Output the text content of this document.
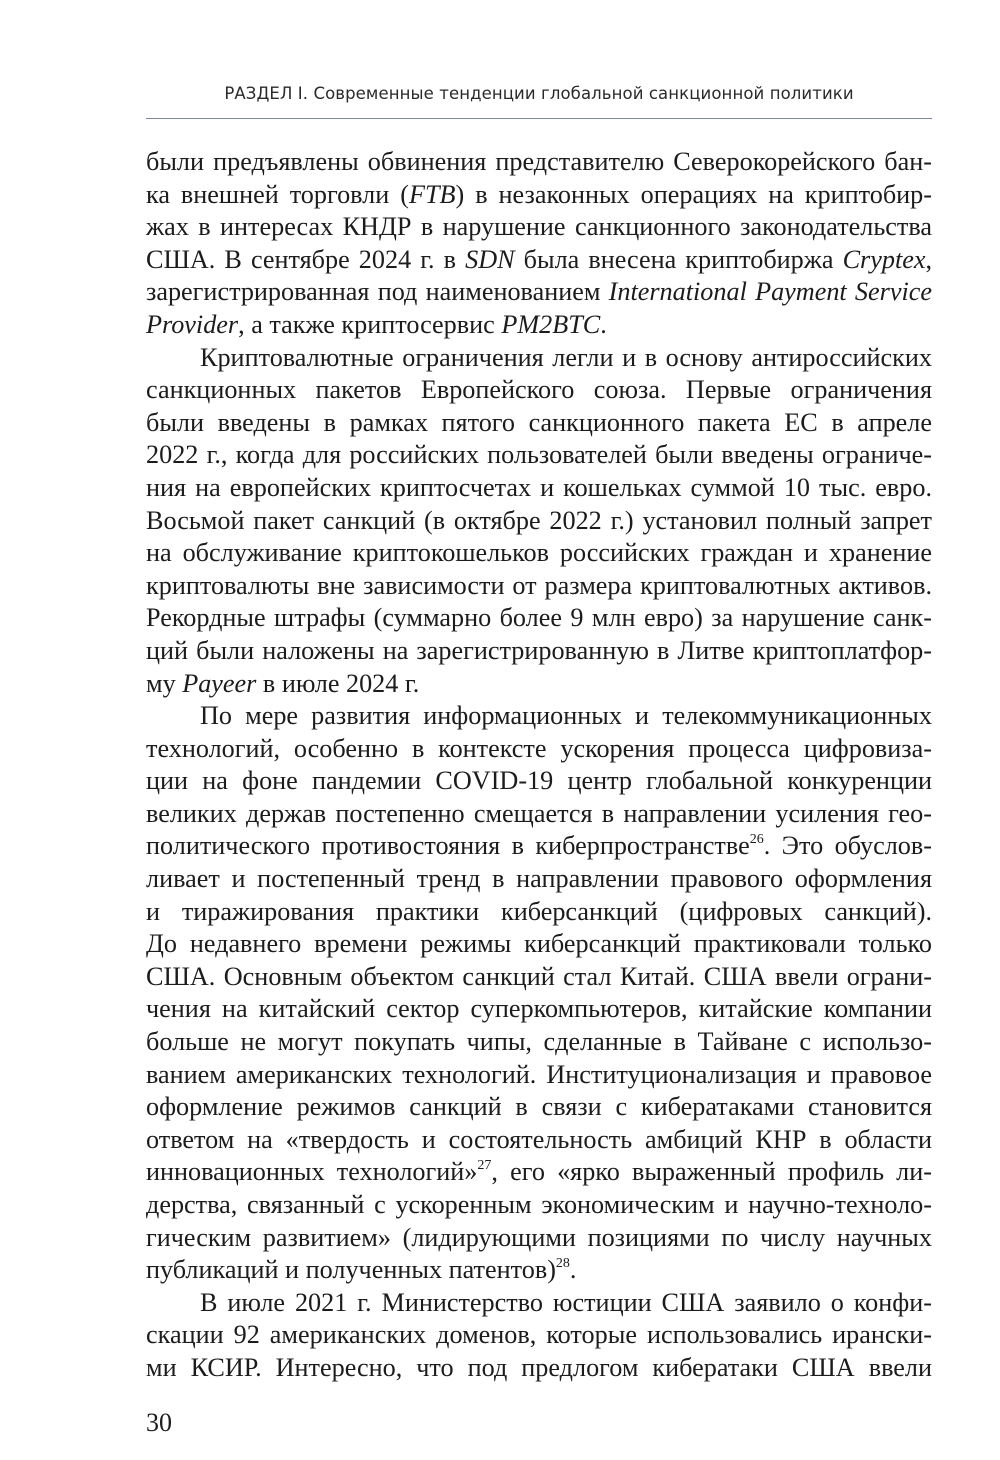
РАЗДЕЛ I. Современные тенденции глобальной санкционной политики
были предъявлены обвинения представителю Северокорейского бан-
ка внешней торговли (FTB) в незаконных операциях на криптобир-
жах в интересах КНДР в нарушение санкционного законодательства
США. В сентябре 2024 г. в SDN была внесена криптобиржа Cryptex,
зарегистрированная под наименованием International Payment Service
Provider, а также криптосервис PM2BTC.
Криптовалютные ограничения легли и в основу антироссийских
санкционных пакетов Европейского союза. Первые ограничения
были введены в рамках пятого санкционного пакета ЕС в апреле
2022 г., когда для российских пользователей были введены ограниче-
ния на европейских криптосчетах и кошельках суммой 10 тыс. евро.
Восьмой пакет санкций (в октябре 2022 г.) установил полный запрет
на обслуживание криптокошельков российских граждан и хранение
криптовалюты вне зависимости от размера криптовалютных активов.
Рекордные штрафы (суммарно более 9 млн евро) за нарушение санк-
ций были наложены на зарегистрированную в Литве криптоплатфор-
му Payeer в июле 2024 г.
По мере развития информационных и телекоммуникационных
технологий, особенно в контексте ускорения процесса цифровиза-
ции на фоне пандемии COVID-19 центр глобальной конкуренции
великих держав постепенно смещается в направлении усиления гео-
политического противостояния в киберпространстве$^{26}$. Это обуслов-
ливает и постепенный тренд в направлении правового оформления
и тиражирования практики киберсанкций (цифровых санкций).
До недавнего времени режимы киберсанкций практиковали только
США. Основным объектом санкций стал Китай. США ввели ограни-
чения на китайский сектор суперкомпьютеров, китайские компании
больше не могут покупать чипы, сделанные в Тайване с использо-
ванием американских технологий. Институционализация и правовое
оформление режимов санкций в связи с кибератаками становится
ответом на «твердость и состоятельность амбиций КНР в области
инновационных технологий»$^{27}$, его «ярко выраженный профиль ли-
дерства, связанный с ускоренным экономическим и научно-техноло-
гическим развитием» (лидирующими позициями по числу научных
публикаций и полученных патентов)$^{28}$.
В июле 2021 г. Министерство юстиции США заявило о конфи-
скации 92 американских доменов, которые использовались ирански-
ми КСИР. Интересно, что под предлогом кибератаки США ввели
30
